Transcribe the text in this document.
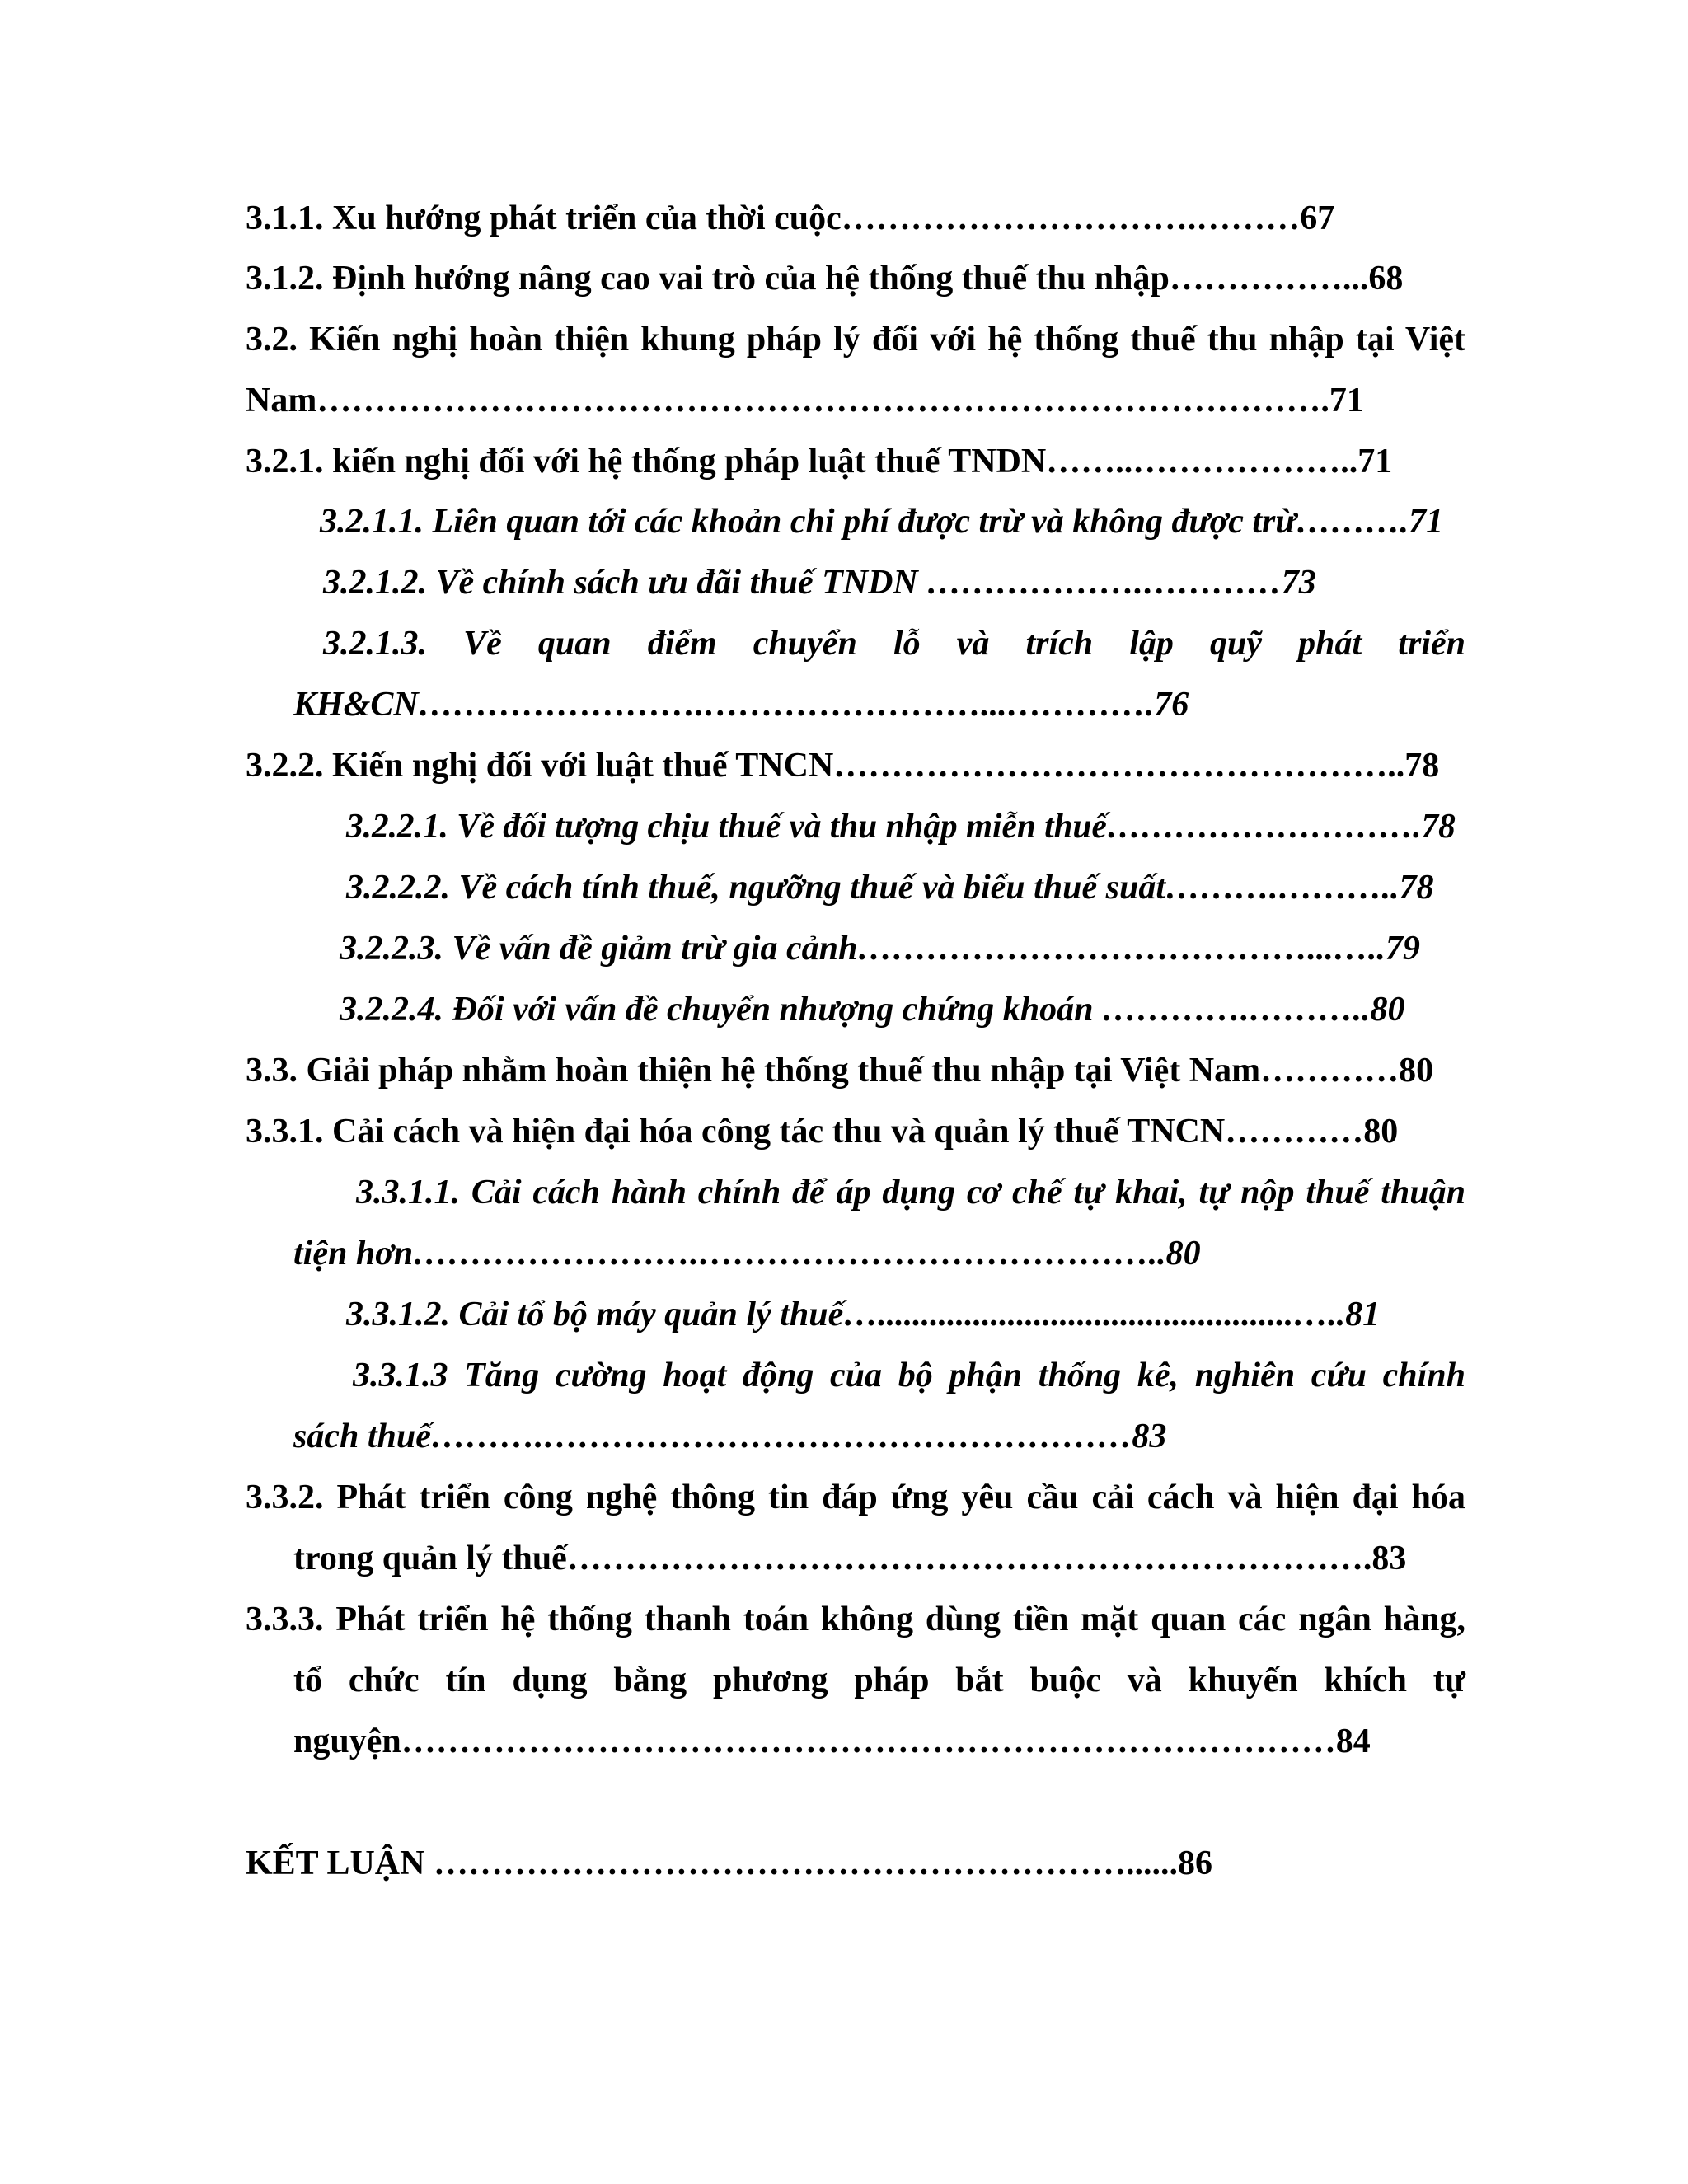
3.1.1. Xu hướng phát triển của thời cuộc………………………….………67
3.1.2. Định hướng nâng cao vai trò của hệ thống thuế thu nhập……………...68
3.2. Kiến nghị hoàn thiện khung pháp lý đối với hệ thống thuế thu nhập tại Việt
Nam…………………………………………………………………………….71
3.2.1. kiến nghị đối với hệ thống pháp luật thuế TNDN……..………………..71
3.2.1.1. Liên quan tới các khoản chi phí được trừ và không được trừ……….71
3.2.1.2. Về chính sách ưu đãi thuế TNDN ……………….…………73
3.2.1.3. Về quan điểm chuyển lỗ và trích lập quỹ phát triển
KH&CN…………………….……………………...………….76
3.2.2. Kiến nghị đối với luật thuế TNCN…………………………………………..78
3.2.2.1. Về đối tượng chịu thuế và thu nhập miễn thuế……………………….78
3.2.2.2. Về cách tính thuế, ngưỡng thuế và biểu thuế suất……….………..78
3.2.2.3. Về vấn đề giảm trừ gia cảnh…………………………………...…..79
3.2.2.4. Đối với vấn đề chuyển nhượng chứng khoán ………….………..80
3.3. Giải pháp nhằm hoàn thiện hệ thống thuế thu nhập tại Việt Nam…………80
3.3.1. Cải cách và hiện đại hóa công tác thu và quản lý thuế TNCN…………80
3.3.1.1. Cải cách hành chính để áp dụng cơ chế tự khai, tự nộp thuế thuận
tiện hơn…………………….…………………………………..80
3.3.1.2. Cải tổ bộ máy quản lý thuế…................................................…..81
3.3.1.3 Tăng cường hoạt động của bộ phận thống kê, nghiên cứu chính
sách thuế……….……………………………………………83
3.3.2. Phát triển công nghệ thông tin đáp ứng yêu cầu cải cách và hiện đại hóa
trong quản lý thuế…………………………………………………………….83
3.3.3. Phát triển hệ thống thanh toán không dùng tiền mặt quan các ngân hàng,
tổ chức tín dụng bằng phương pháp bắt buộc và khuyến khích tự
nguyện………………………………………………………………………84
KẾT LUẬN ……………………………………………………......86
